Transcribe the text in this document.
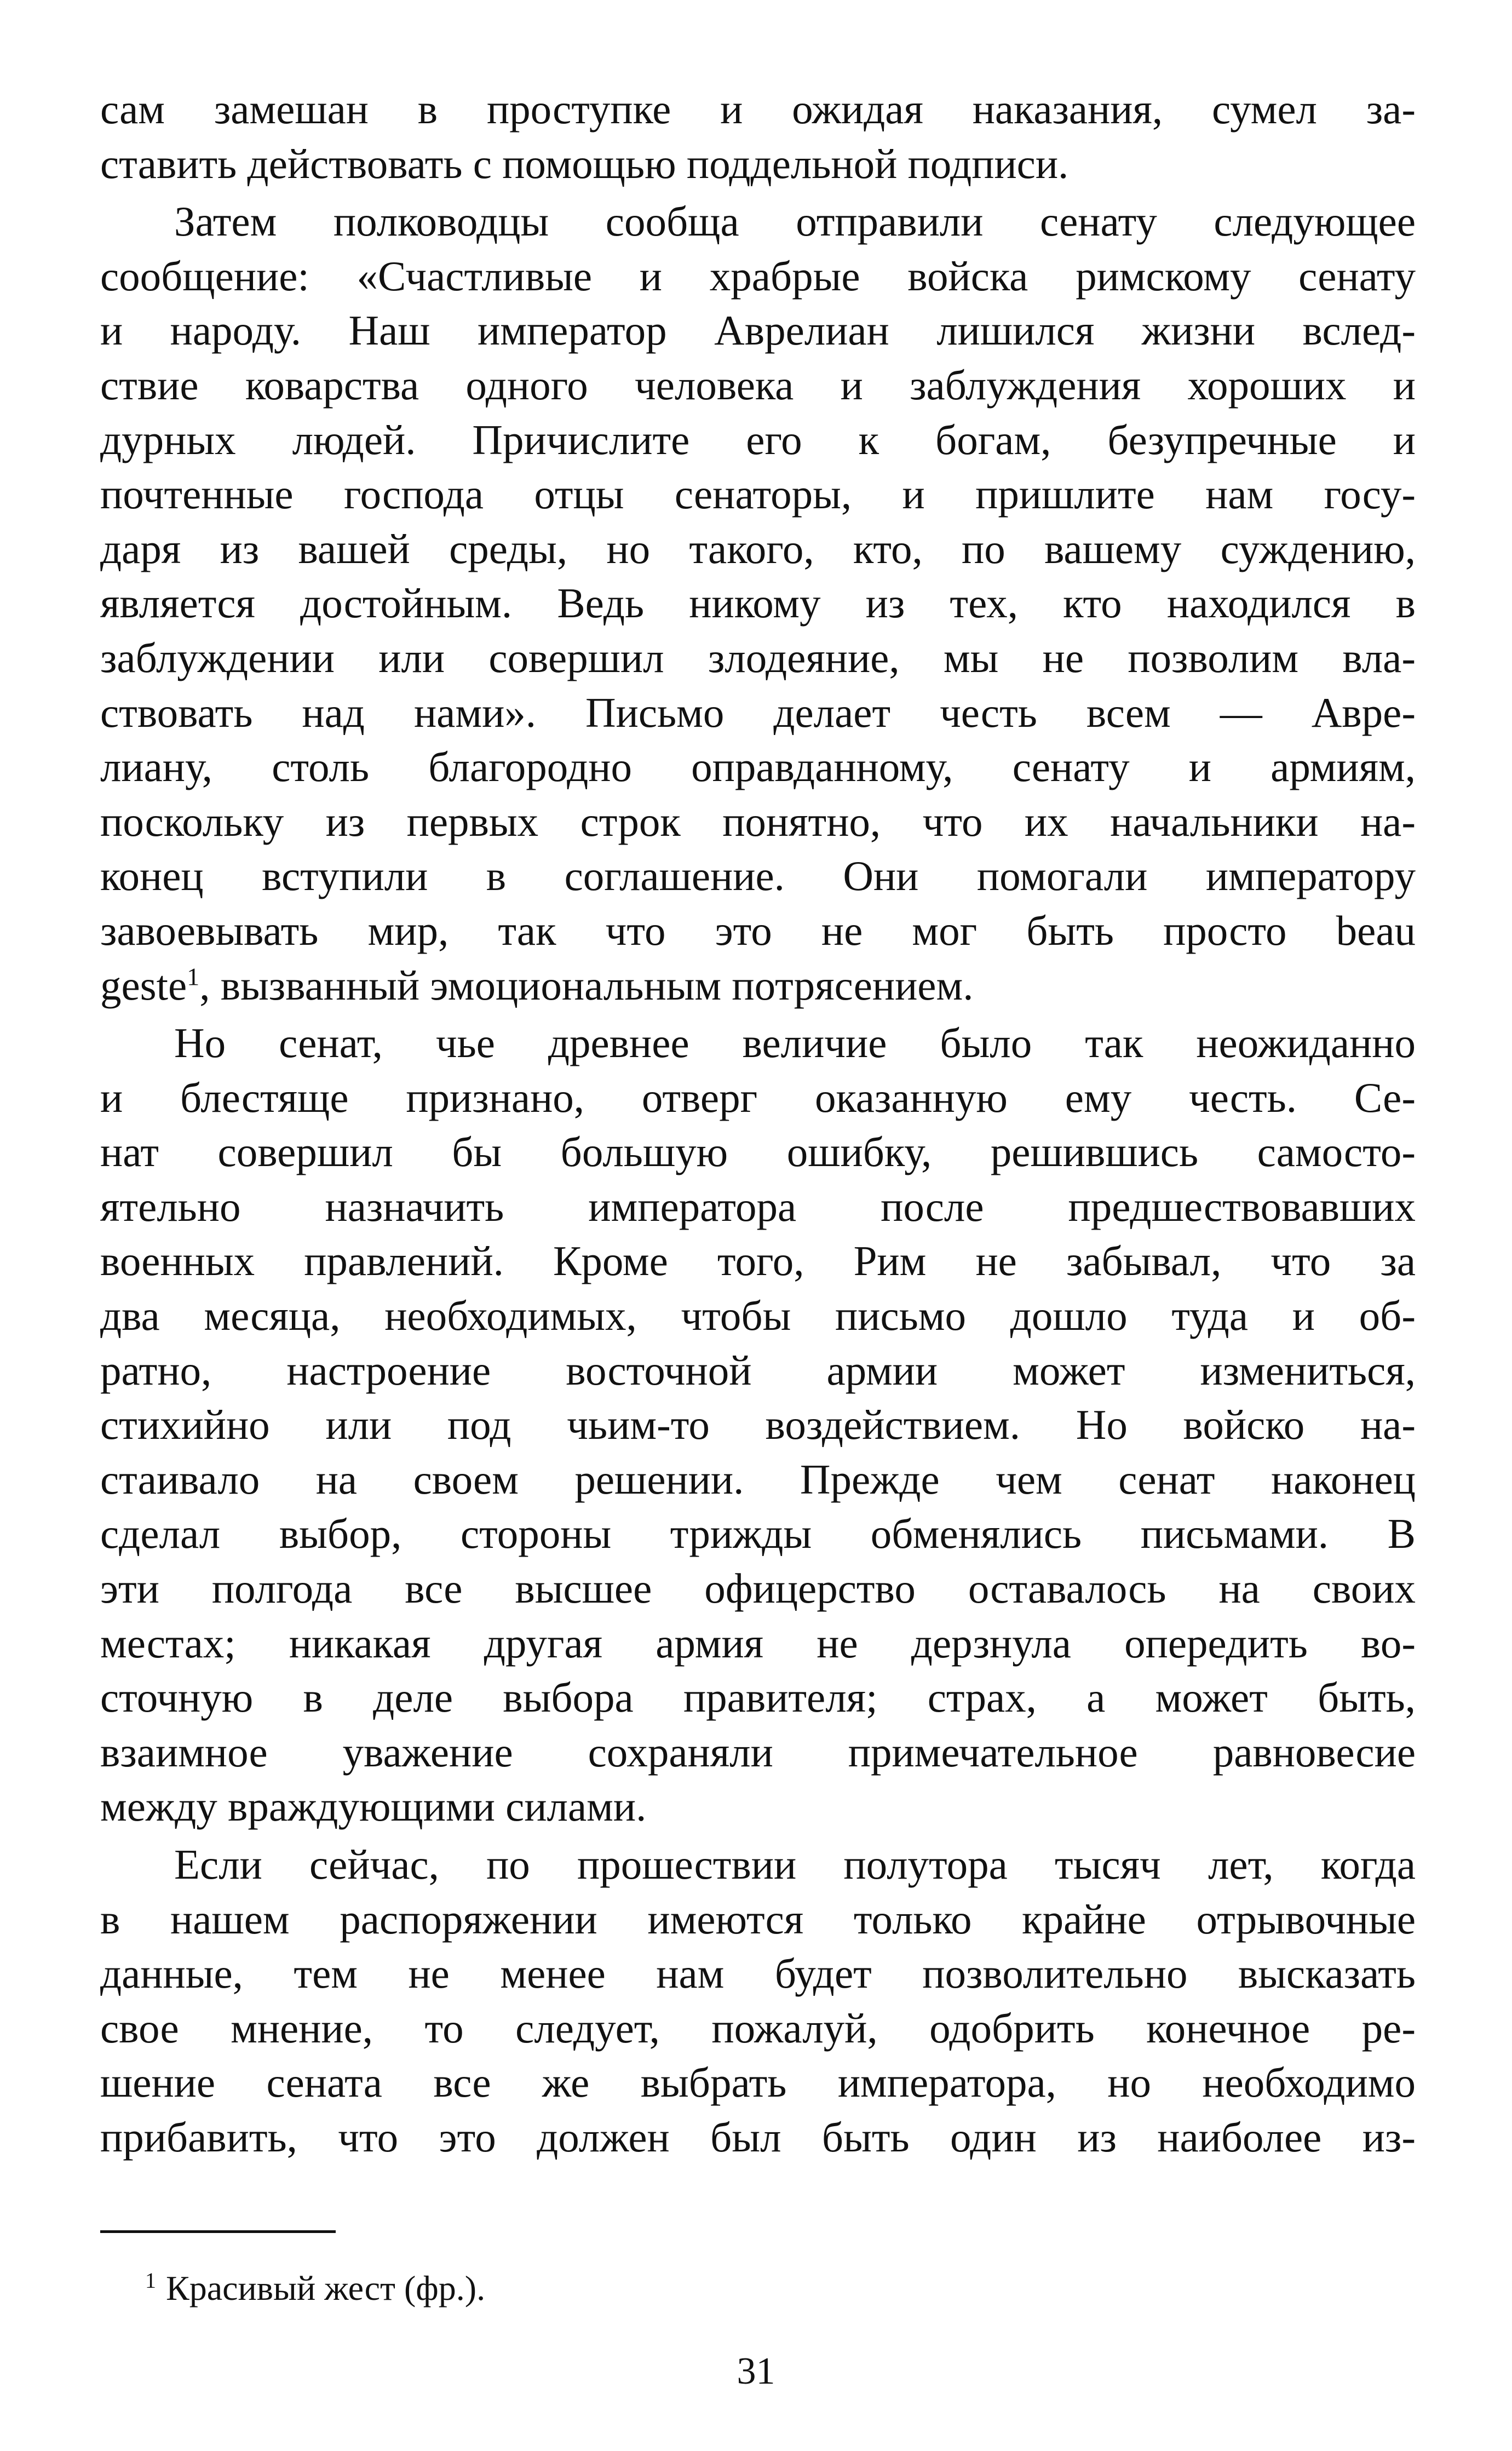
сам замешан в проступке и ожидая наказания, сумел за-
ставить действовать с помощью поддельной подписи.

Затем полководцы сообща отправили сенату следующее
сообщение: «Счастливые и храбрые войска римскому сенату
и народу. Наш император Аврелиан лишился жизни вслед-
ствие коварства одного человека и заблуждения хороших и
дурных людей. Причислите его к богам, безупречные и
почтенные господа отцы сенаторы, и пришлите нам госу-
даря из вашей среды, но такого, кто, по вашему суждению,
является достойным. Ведь никому из тех, кто находился в
заблуждении или совершил злодеяние, мы не позволим вла-
ствовать над нами». Письмо делает честь всем — Авре-
лиану, столь благородно оправданному, сенату и армиям,
поскольку из первых строк понятно, что их начальники на-
конец вступили в соглашение. Они помогали императору
завоевывать мир, так что это не мог быть просто beau

geste$^1$, вызванный эмоциональным потрясением.

Но сенат, чье древнее величие было так неожиданно
и блестяще признано, отверг оказанную ему честь. Се-
нат совершил бы большую ошибку, решившись самосто-
ятельно назначить императора после предшествовавших
военных правлений. Кроме того, Рим не забывал, что за
два месяца, необходимых, чтобы письмо дошло туда и об-
ратно, настроение восточной армии может измениться,
стихийно или под чьим-то воздействием. Но войско на-
стаивало на своем решении. Прежде чем сенат наконец
сделал выбор, стороны трижды обменялись письмами. В
эти полгода все высшее офицерство оставалось на своих
местах; никакая другая армия не дерзнула опередить во-
сточную в деле выбора правителя; страх, а может быть,
взаимное уважение сохраняли примечательное равновесие
между враждующими силами.

Если сейчас, по прошествии полутора тысяч лет, когда
в нашем распоряжении имеются только крайне отрывочные
данные, тем не менее нам будет позволительно высказать
свое мнение, то следует, пожалуй, одобрить конечное ре-
шение сената все же выбрать императора, но необходимо
прибавить, что это должен был быть один из наиболее из-

$^1$ Красивый жест (фр.).
31
